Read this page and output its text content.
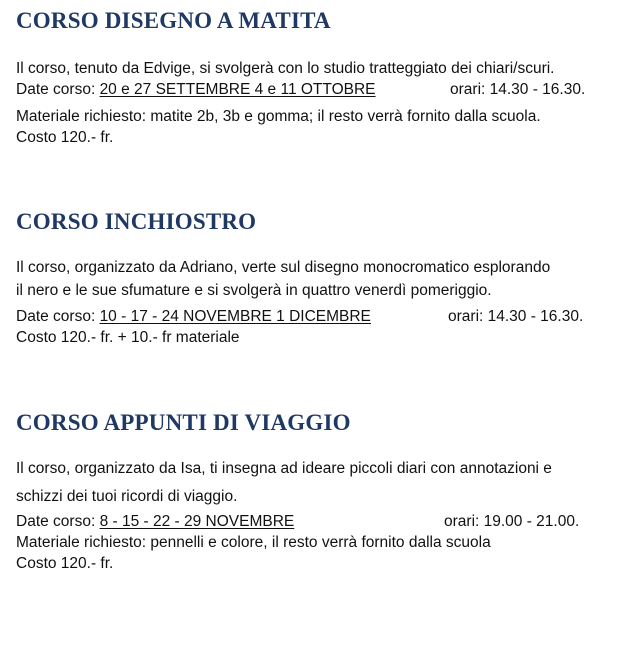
CORSO DISEGNO A MATITA
Il corso, tenuto da Edvige, si svolgerà con lo studio tratteggiato dei chiari/scuri.
Date corso: 20 e 27 SETTEMBRE 4 e 11 OTTOBRE	orari: 14.30 - 16.30.
Materiale richiesto: matite 2b, 3b e gomma; il resto verrà fornito dalla scuola.
Costo 120.- fr.
CORSO INCHIOSTRO
Il corso, organizzato da Adriano, verte sul disegno monocromatico esplorando
il nero e le sue sfumature e si svolgerà in quattro venerdì pomeriggio.
Date corso: 10 - 17 - 24 NOVEMBRE 1 DICEMBRE	orari: 14.30 - 16.30.
Costo 120.- fr. + 10.- fr materiale
CORSO APPUNTI DI VIAGGIO
Il corso, organizzato da Isa, ti insegna ad ideare piccoli diari con annotazioni e
schizzi dei tuoi ricordi di viaggio.
Date corso: 8 - 15 - 22 - 29 NOVEMBRE	orari: 19.00 - 21.00.
Materiale richiesto: pennelli e colore, il resto verrà fornito dalla scuola
Costo 120.- fr.
